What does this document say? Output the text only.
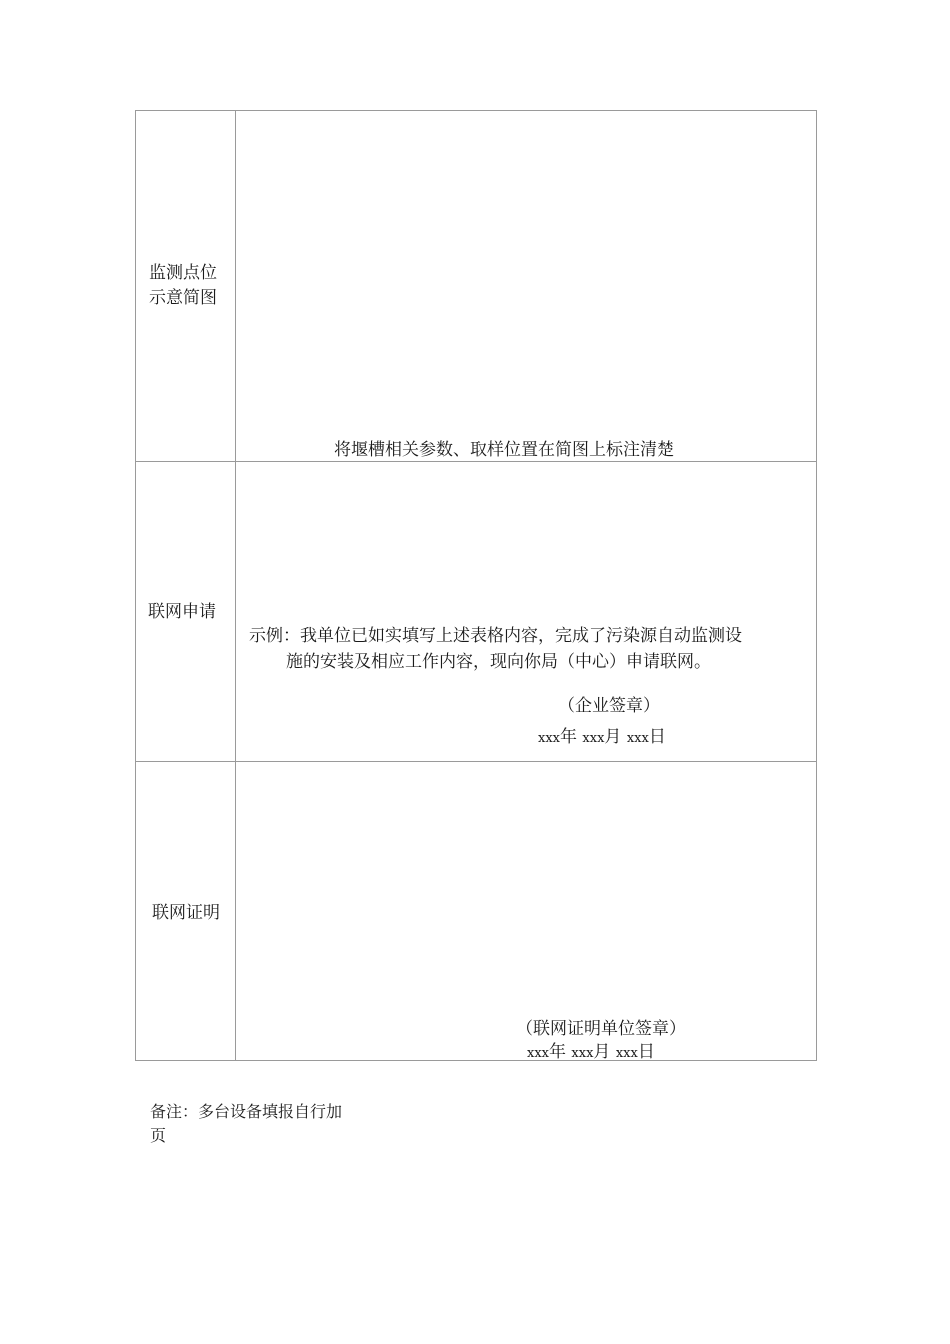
监测点位
示意简图
将堰槽相关参数、取样位置在简图上标注清楚
联网申请
示例：我单位已如实填写上述表格内容，完成了污染源自动监测设
施的安装及相应工作内容，现向你局（中心）申请联网。
（企业签章）
xxx年 xxx月 xxx日
联网证明
（联网证明单位签章）
xxx年 xxx月 xxx日
备注：多台设备填报自行加
页
